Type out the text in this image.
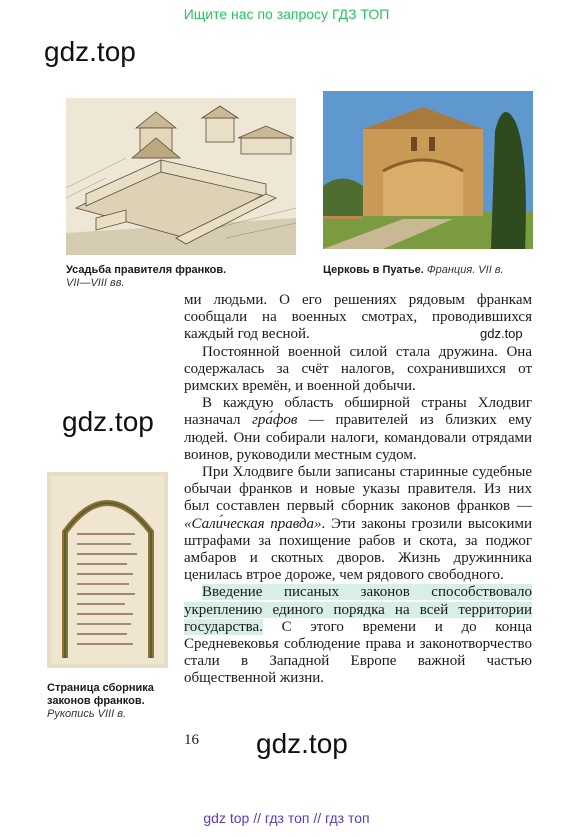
Ищите нас по запросу ГДЗ ТОП
gdz.top
Усадьба правителя франков.
VII—VIII вв.
Церковь в Пуатье. Франция. VII в.
Страница сборника
законов франков.
Рукопись VIII в.

ми людьми. О его решениях рядовым франкам сообщали на военных смотрах, проводившихся каждый год весной.

Постоянной военной силой стала дружина. Она содержалась за счёт налогов, сохранившихся от римских времён, и военной добычи.

В каждую область обширной страны Хлодвиг назначал гра́фов — правителей из близких ему людей. Они собирали налоги, командовали отрядами воинов, руководили местным судом.

При Хлодвиге были записаны старинные судебные обычаи франков и новые указы правителя. Из них был составлен первый сборник законов франков — «Сали́ческая правда». Эти законы грозили высокими штрафами за похищение рабов и скота, за поджог амбаров и скотных дворов. Жизнь дружинника ценилась втрое дороже, чем рядового свободного.

Введение писаных законов способствовало укреплению единого порядка на всей территории государства. С этого времени и до конца Средневековья соблюдение права и законотворчество стали в Западной Европе важной частью общественной жизни.

gdz.top
gdz.top
16 gdz.top
gdz top // гдз топ // гдз топ
